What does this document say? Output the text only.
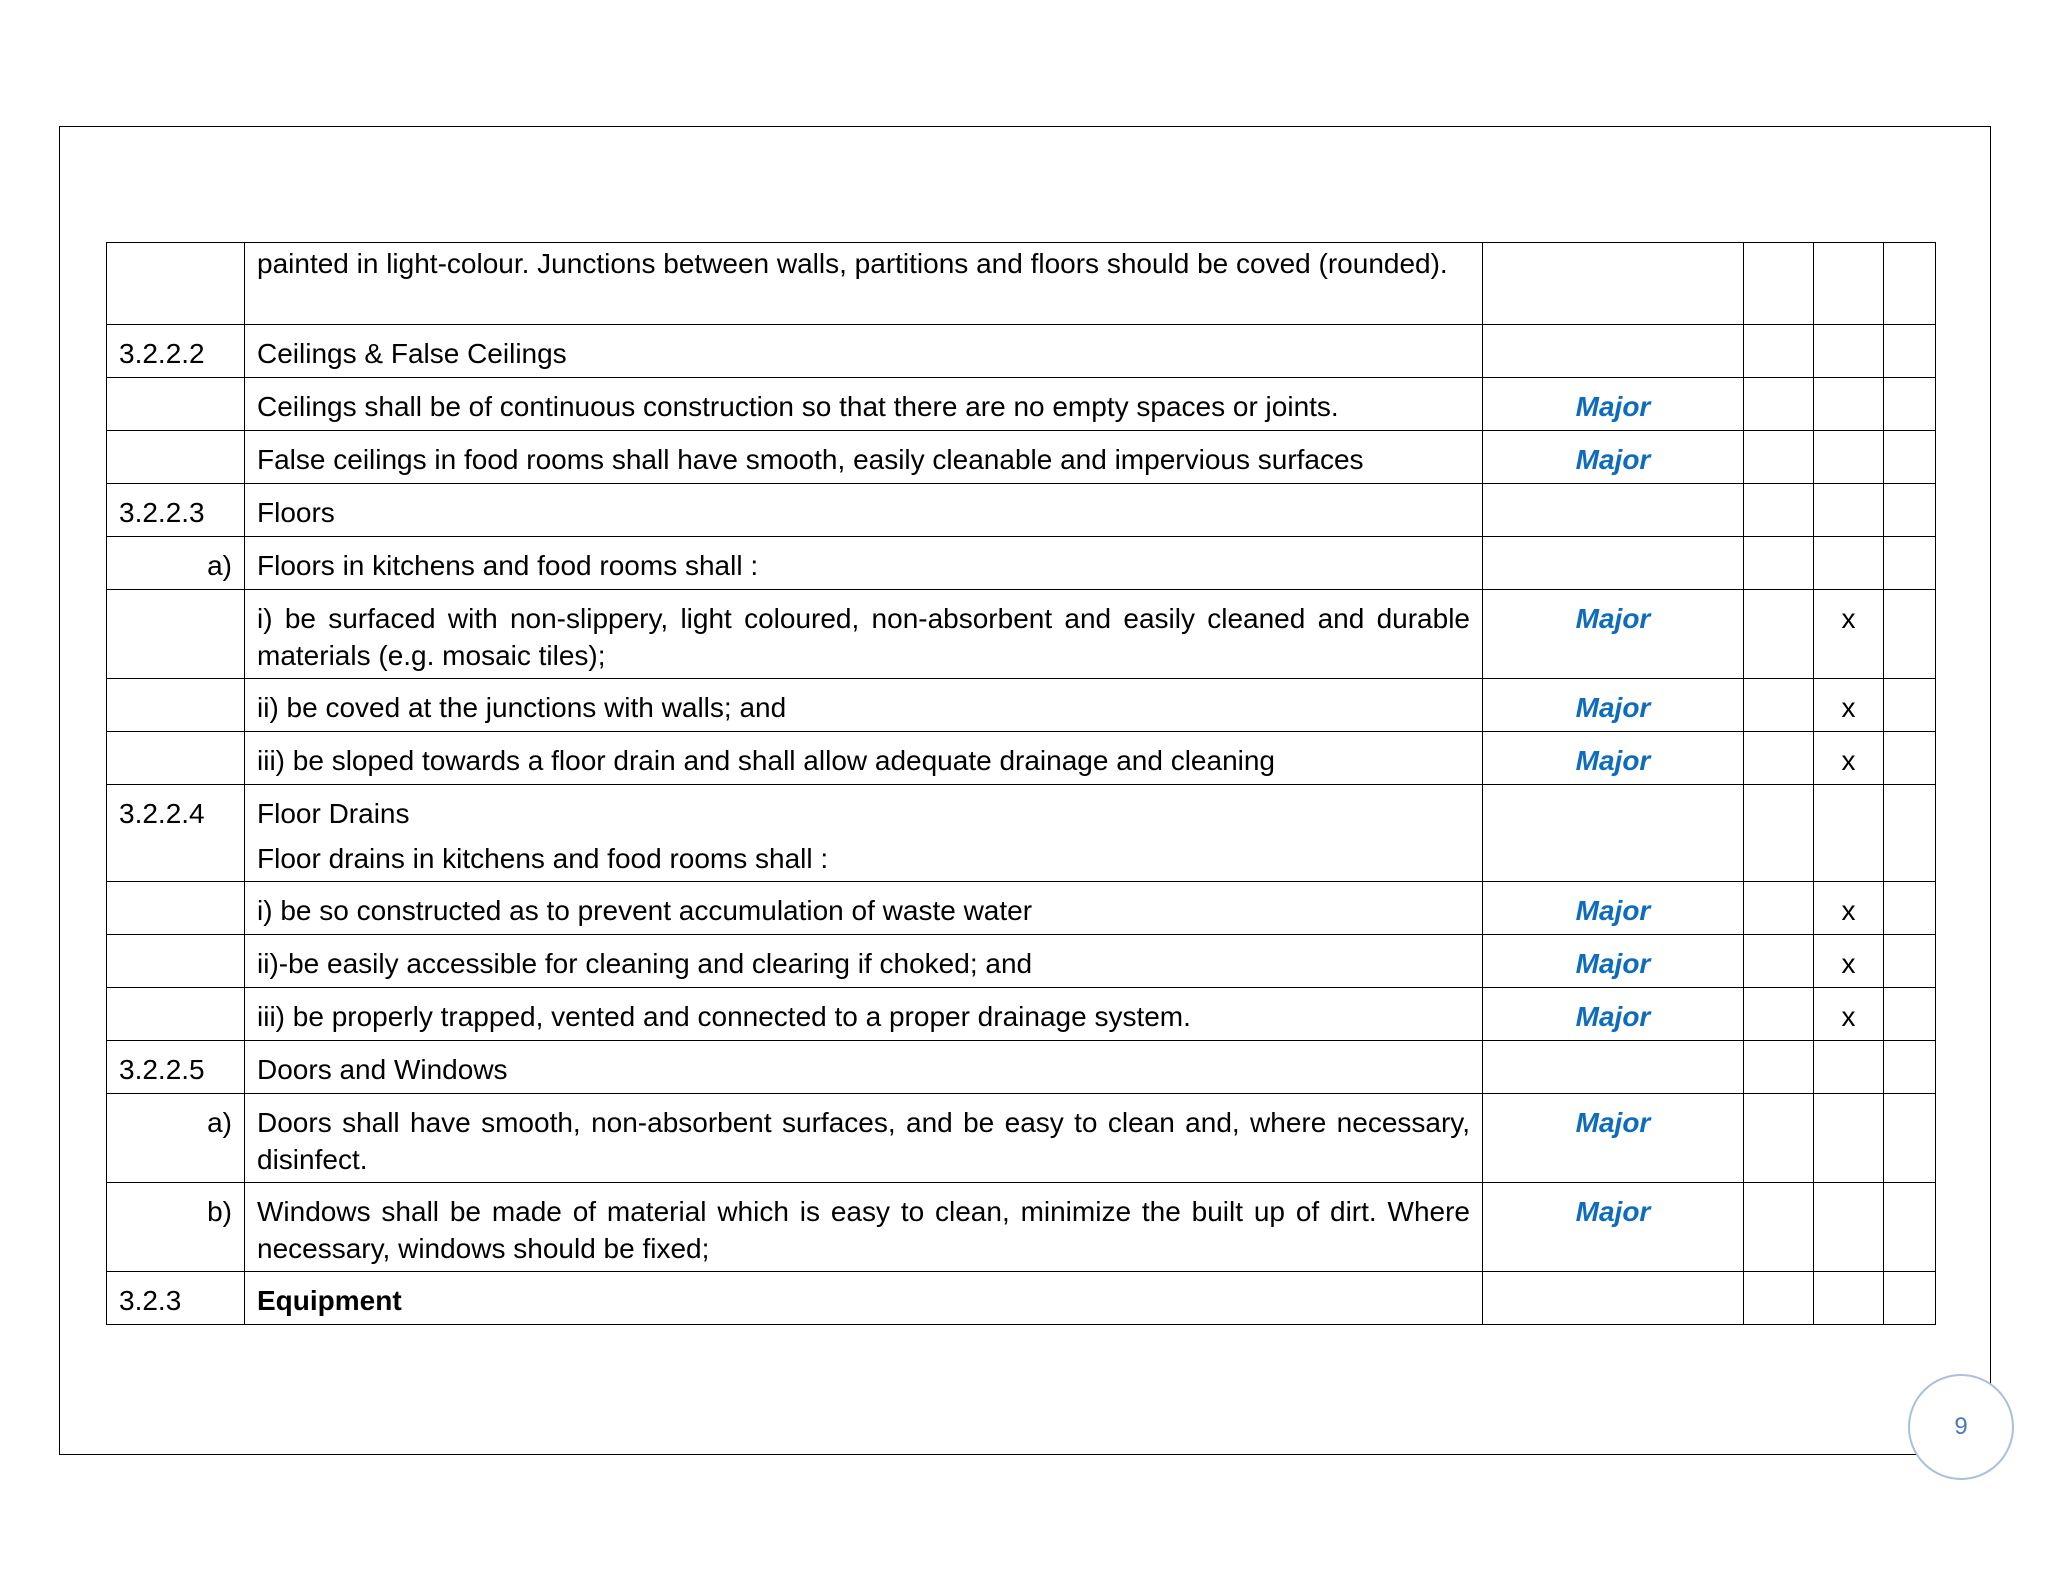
	painted in light-colour. Junctions between walls, partitions and floors should be coved (rounded).				
3.2.2.2	Ceilings & False Ceilings				
	Ceilings shall be of continuous construction so that there are no empty spaces or joints.	Major			
	False ceilings in food rooms shall have smooth, easily cleanable and impervious surfaces	Major			
3.2.2.3	Floors				
a)	Floors in kitchens and food rooms shall :				
	i) be surfaced with non-slippery, light coloured, non-absorbent and easily cleaned and durable materials (e.g. mosaic tiles);	Major		x	
	ii) be coved at the junctions with walls; and	Major		x	
	iii) be sloped towards a floor drain and shall allow adequate drainage and cleaning	Major		x	
3.2.2.4	Floor Drains
Floor drains in kitchens and food rooms shall :				

	i) be so constructed as to prevent accumulation of waste water	Major		x	
	ii)-be easily accessible for cleaning and clearing if choked; and	Major		x	
	iii) be properly trapped, vented and connected to a proper drainage system.	Major		x	
3.2.2.5	Doors and Windows				
a)	Doors shall have smooth, non-absorbent surfaces, and be easy to clean and, where necessary, disinfect.	Major			
b)	Windows shall be made of material which is easy to clean, minimize the built up of dirt. Where necessary, windows should be fixed;	Major			
3.2.3	Equipment				
9
